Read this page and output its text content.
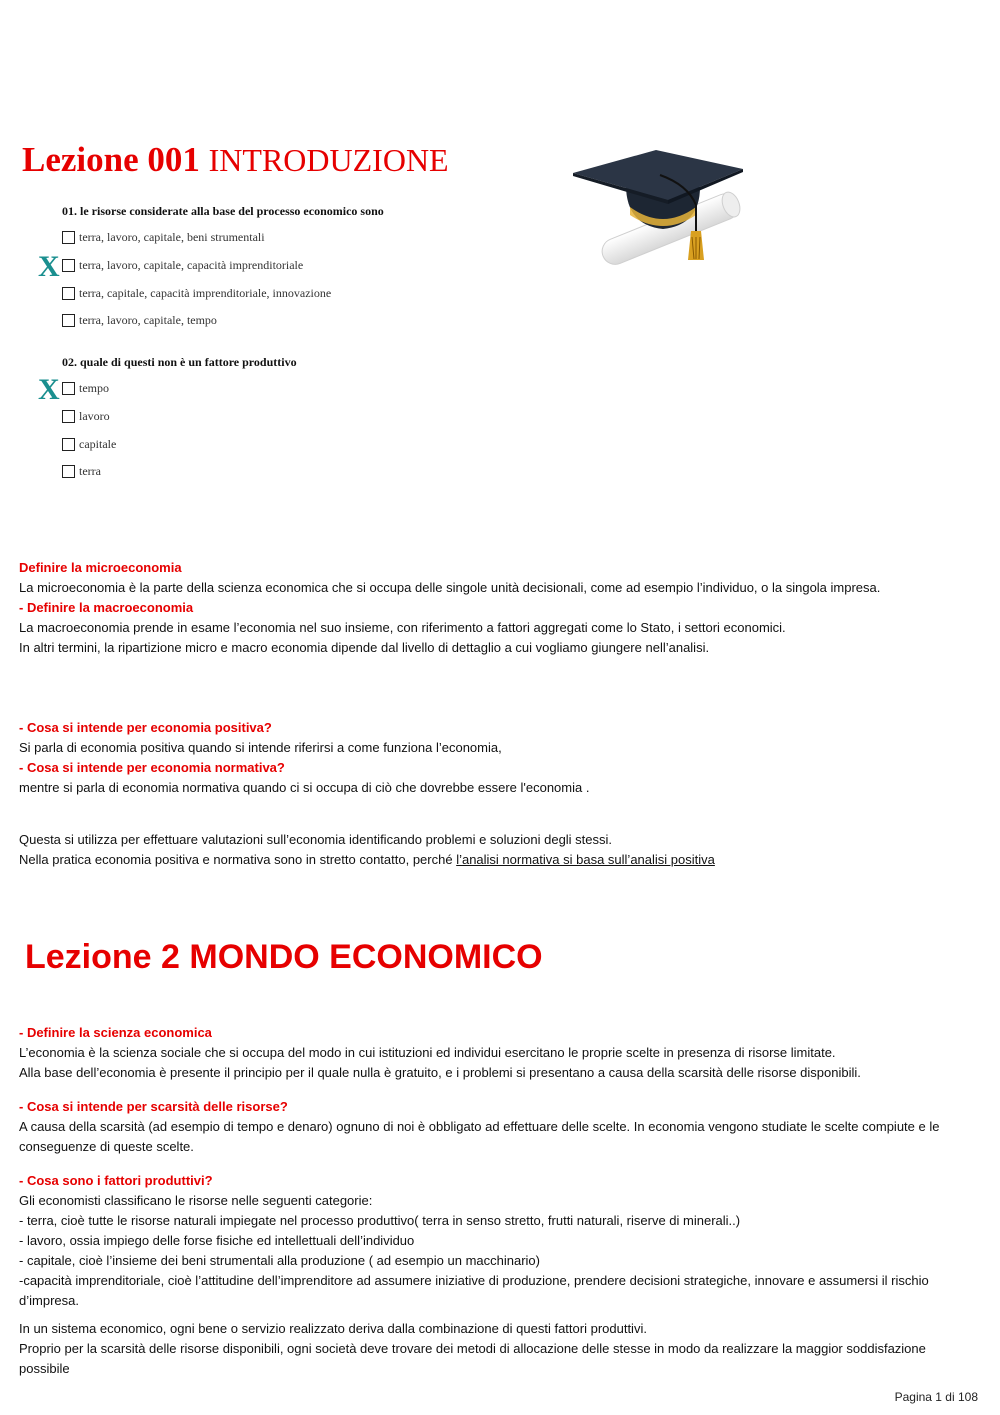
Lezione 001 INTRODUZIONE
01. le risorse considerate alla base del processo economico sono
X
terra, lavoro, capitale, beni strumentali
terra, lavoro, capitale, capacità imprenditoriale
terra, capitale, capacità imprenditoriale, innovazione
terra, lavoro, capitale, tempo
02. quale di questi non è un fattore produttivo
X tempo
lavoro
capitale
terra
Definire la microeconomia
La microeconomia è la parte della scienza economica che si occupa delle singole unità decisionali, come ad esempio l’individuo, o la singola impresa.
- Definire la macroeconomia
La macroeconomia prende in esame l’economia nel suo insieme, con riferimento a fattori aggregati come lo Stato, i settori economici.
In altri termini, la ripartizione micro e macro economia dipende dal livello di dettaglio a cui vogliamo giungere nell’analisi.
- Cosa si intende per economia positiva?
Si parla di economia positiva quando si intende riferirsi a come funziona l’economia,
- Cosa si intende per economia normativa?
mentre si parla di economia normativa quando ci si occupa di ciò che dovrebbe essere l'economia .
Questa si utilizza per effettuare valutazioni sull’economia identificando problemi e soluzioni degli stessi.
Nella pratica economia positiva e normativa sono in stretto contatto, perché l’analisi normativa si basa sull’analisi positiva
Lezione 2 MONDO ECONOMICO
- Definire la scienza economica
L’economia è la scienza sociale che si occupa del modo in cui istituzioni ed individui esercitano le proprie scelte in presenza di risorse limitate.
Alla base dell’economia è presente il principio per il quale nulla è gratuito, e i problemi si presentano a causa della scarsità delle risorse disponibili.
- Cosa si intende per scarsità delle risorse?
A causa della scarsità (ad esempio di tempo e denaro) ognuno di noi è obbligato ad effettuare delle scelte. In economia vengono studiate le scelte compiute e le
conseguenze di queste scelte.
- Cosa sono i fattori produttivi?
Gli economisti classificano le risorse nelle seguenti categorie:
- terra, cioè tutte le risorse naturali impiegate nel processo produttivo( terra in senso stretto, frutti naturali, riserve di minerali..)
- lavoro, ossia impiego delle forse fisiche ed intellettuali dell’individuo
- capitale, cioè l’insieme dei beni strumentali alla produzione ( ad esempio un macchinario)
-capacità imprenditoriale, cioè l’attitudine dell’imprenditore ad assumere iniziative di produzione, prendere decisioni strategiche, innovare e assumersi il rischio
d’impresa.
In un sistema economico, ogni bene o servizio realizzato deriva dalla combinazione di questi fattori produttivi.
Proprio per la scarsità delle risorse disponibili, ogni società deve trovare dei metodi di allocazione delle stesse in modo da realizzare la maggior soddisfazione
possibile
Pagina 1 di 108
